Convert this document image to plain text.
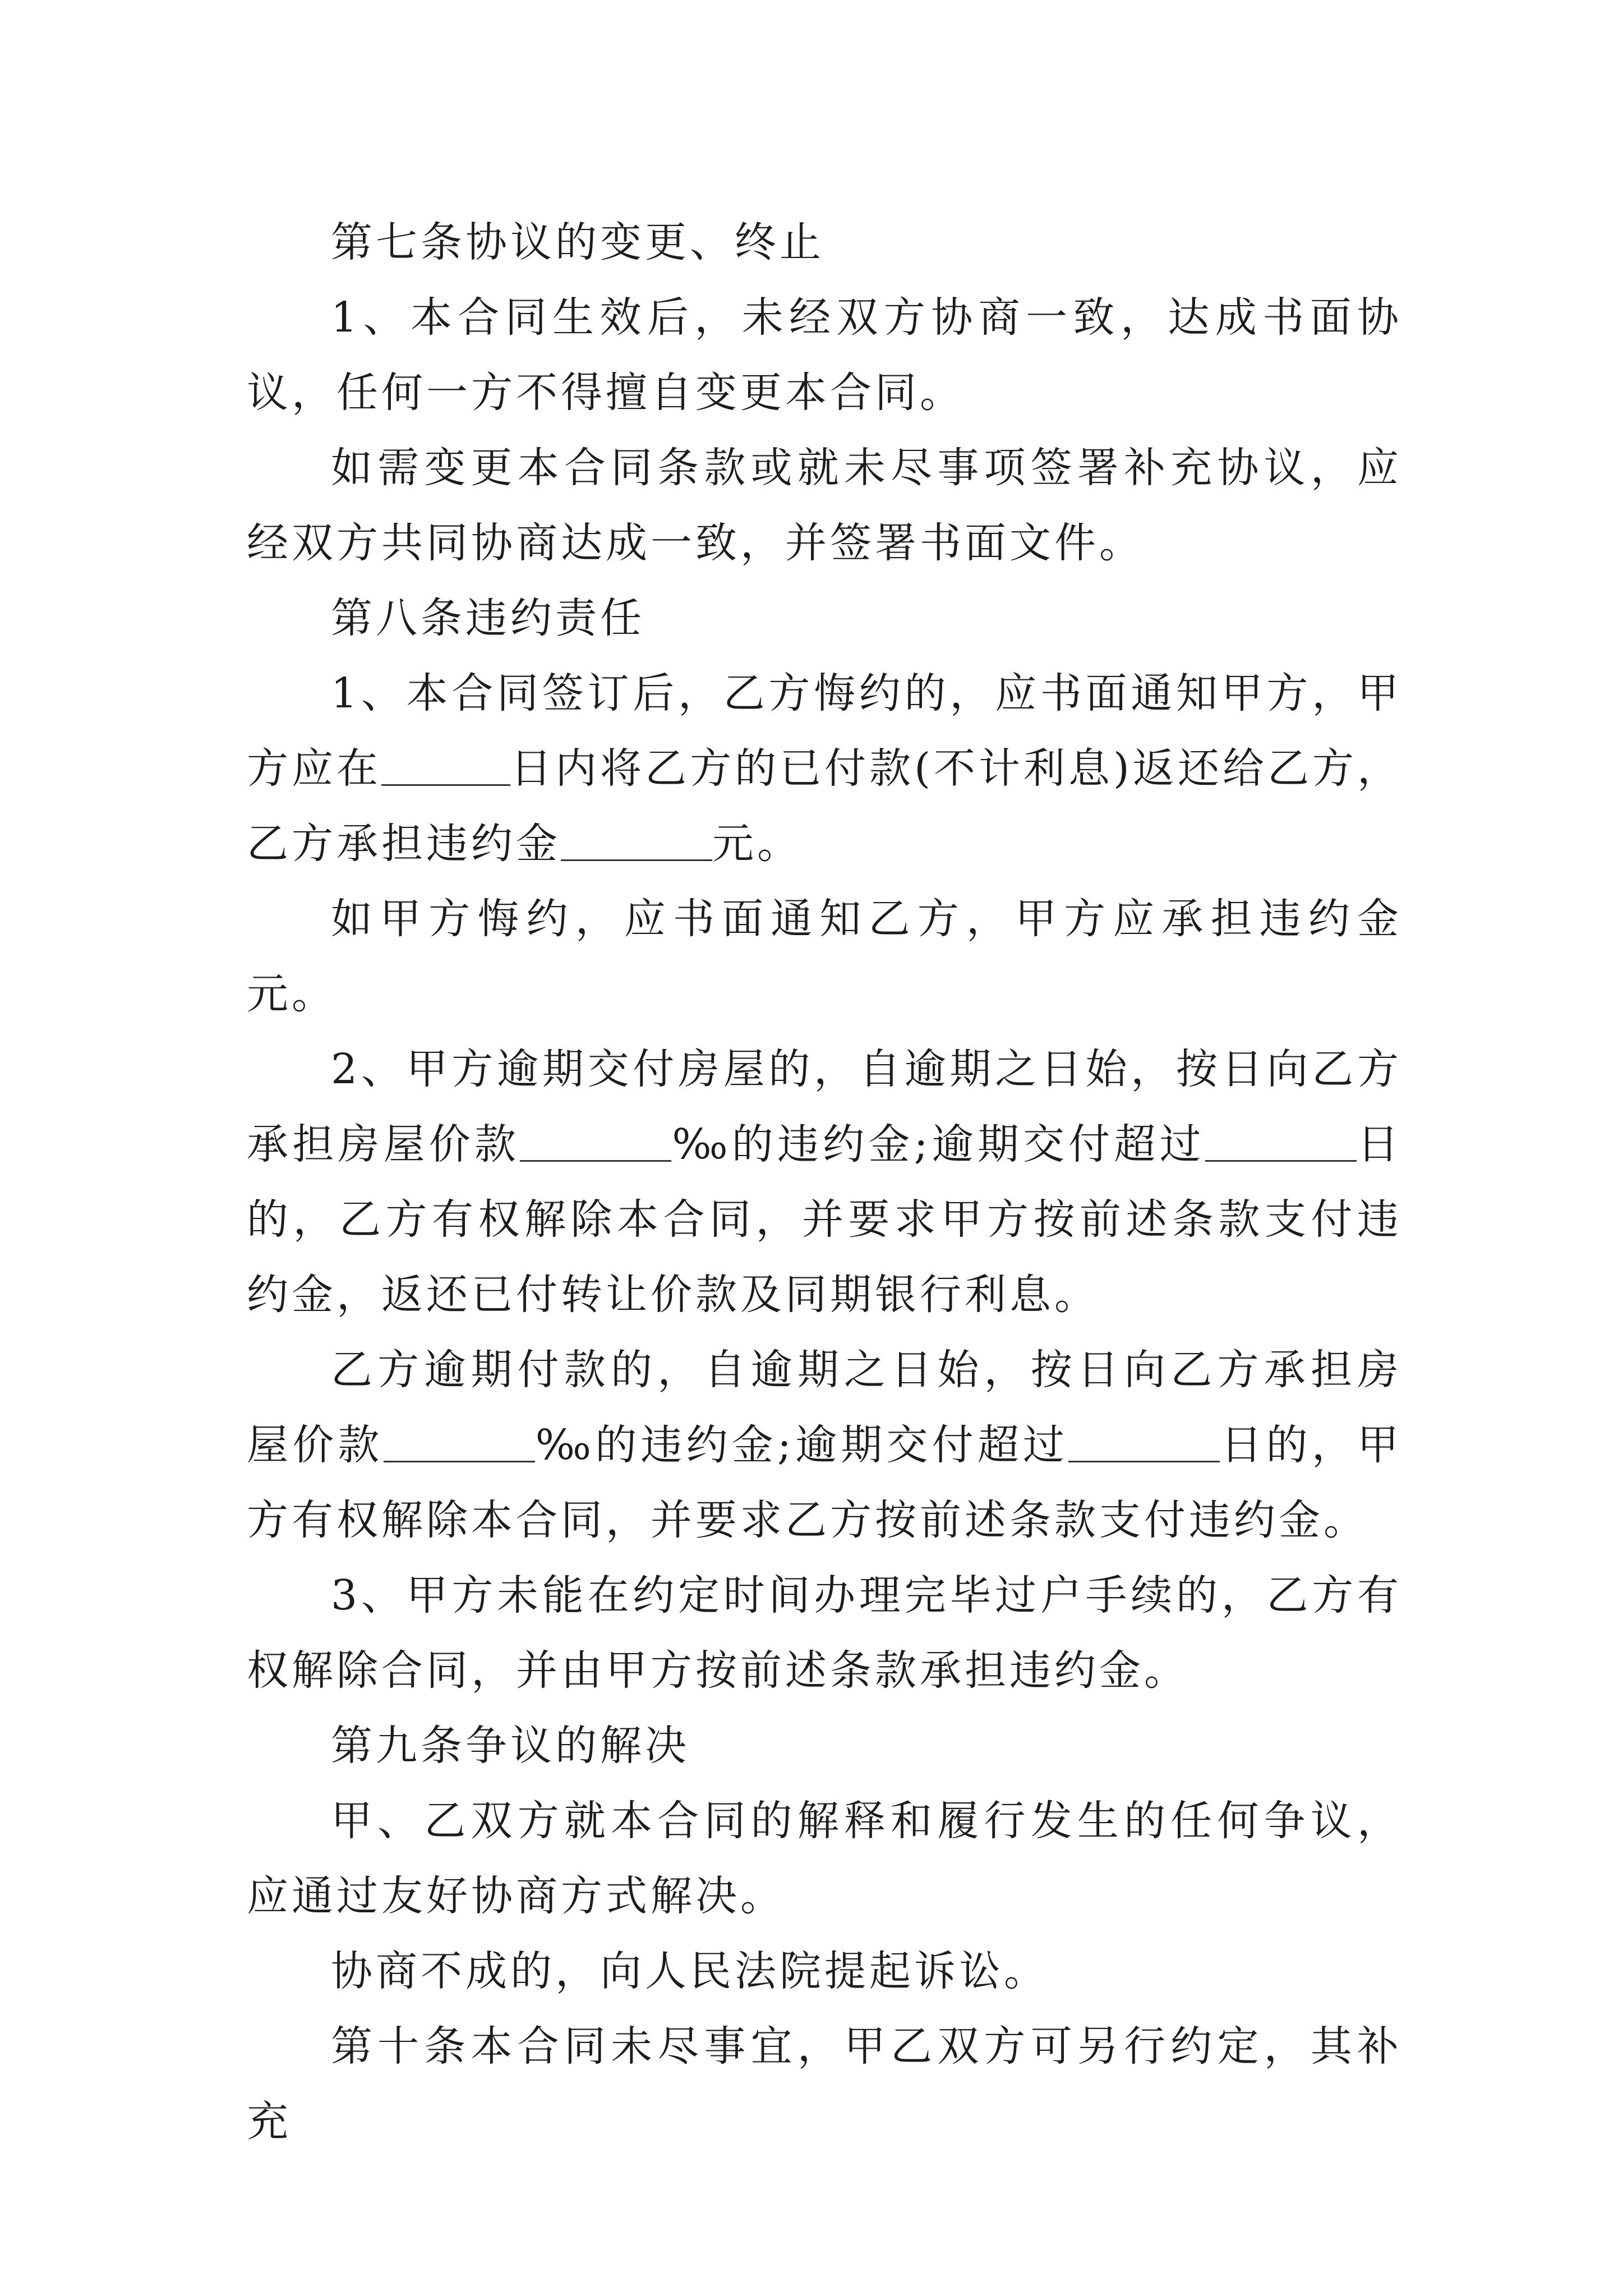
第七条协议的变更、终止

1、本合同生效后，未经双方协商一致，达成书面协议，任何一方不得擅自变更本合同。

如需变更本合同条款或就未尽事项签署补充协议，应经双方共同协商达成一致，并签署书面文件。

第八条违约责任

1、本合同签订后，乙方悔约的，应书面通知甲方，甲方应在	日内将乙方的已付款(不计利息)返还给乙方，乙方承担违约金	元。

如甲方悔约，应书面通知乙方，甲方应承担违约金元。

2、甲方逾期交付房屋的，自逾期之日始，按日向乙方承担房屋价款	‰的违约金;逾期交付超过	日的，乙方有权解除本合同，并要求甲方按前述条款支付违约金，返还已付转让价款及同期银行利息。

乙方逾期付款的，自逾期之日始，按日向乙方承担房屋价款	‰的违约金;逾期交付超过	日的，甲方有权解除本合同，并要求乙方按前述条款支付违约金。

3、甲方未能在约定时间办理完毕过户手续的，乙方有权解除合同，并由甲方按前述条款承担违约金。

第九条争议的解决

甲、乙双方就本合同的解释和履行发生的任何争议，应通过友好协商方式解决。

协商不成的，向人民法院提起诉讼。

第十条本合同未尽事宜，甲乙双方可另行约定，其补充
